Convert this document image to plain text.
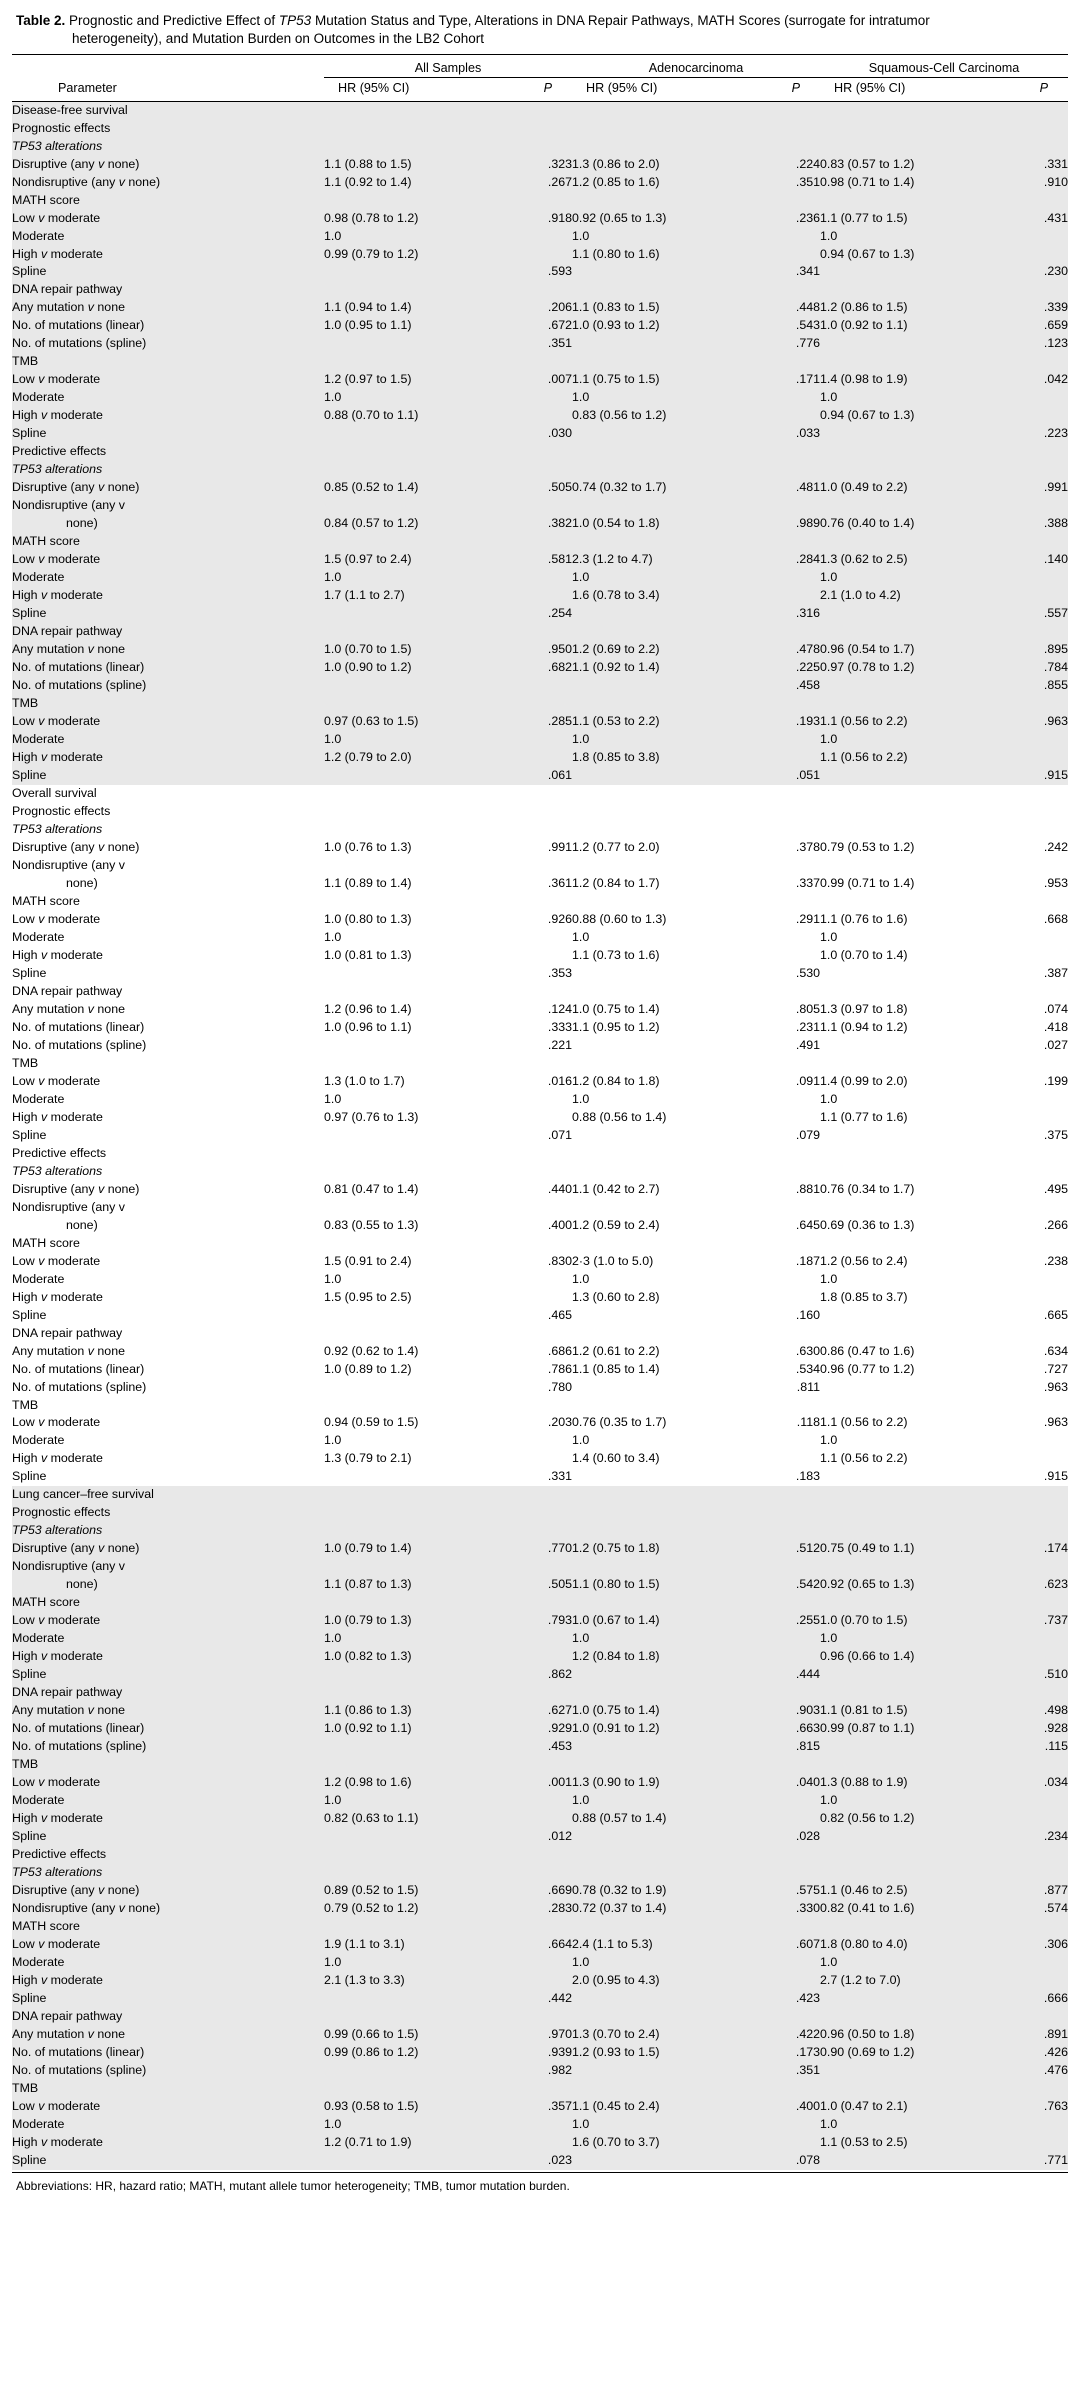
Table 2. Prognostic and Predictive Effect of TP53 Mutation Status and Type, Alterations in DNA Repair Pathways, MATH Scores (surrogate for intratumor
heterogeneity), and Mutation Burden on Outcomes in the LB2 Cohort

	All Samples		Adenocarcinoma		Squamous-Cell Carcinoma	
Parameter	HR (95% CI)	P	HR (95% CI)	P	HR (95% CI)	P

Disease-free survival						
Prognostic effects						
TP53 alterations						
Disruptive (any v none)	1.1 (0.88 to 1.5)	.323	1.3 (0.86 to 2.0)	.224	0.83 (0.57 to 1.2)	.331
Nondisruptive (any v none)	1.1 (0.92 to 1.4)	.267	1.2 (0.85 to 1.6)	.351	0.98 (0.71 to 1.4)	.910
MATH score						
Low v moderate	0.98 (0.78 to 1.2)	.918	0.92 (0.65 to 1.3)	.236	1.1 (0.77 to 1.5)	.431
Moderate	1.0		1.0		1.0	
High v moderate	0.99 (0.79 to 1.2)		1.1 (0.80 to 1.6)		0.94 (0.67 to 1.3)	
Spline		.593		.341		.230
DNA repair pathway						
Any mutation v none	1.1 (0.94 to 1.4)	.206	1.1 (0.83 to 1.5)	.448	1.2 (0.86 to 1.5)	.339
No. of mutations (linear)	1.0 (0.95 to 1.1)	.672	1.0 (0.93 to 1.2)	.543	1.0 (0.92 to 1.1)	.659
No. of mutations (spline)		.351		.776		.123
TMB						
Low v moderate	1.2 (0.97 to 1.5)	.007	1.1 (0.75 to 1.5)	.171	1.4 (0.98 to 1.9)	.042
Moderate	1.0		1.0		1.0	
High v moderate	0.88 (0.70 to 1.1)		0.83 (0.56 to 1.2)		0.94 (0.67 to 1.3)	
Spline		.030		.033		.223
Predictive effects						
TP53 alterations						
Disruptive (any v none)	0.85 (0.52 to 1.4)	.505	0.74 (0.32 to 1.7)	.481	1.0 (0.49 to 2.2)	.991
Nondisruptive (any v
none)	0.84 (0.57 to 1.2)	.382	1.0 (0.54 to 1.8)	.989	0.76 (0.40 to 1.4)	.388
MATH score						
Low v moderate	1.5 (0.97 to 2.4)	.581	2.3 (1.2 to 4.7)	.284	1.3 (0.62 to 2.5)	.140
Moderate	1.0		1.0		1.0	
High v moderate	1.7 (1.1 to 2.7)		1.6 (0.78 to 3.4)		2.1 (1.0 to 4.2)	
Spline		.254		.316		.557
DNA repair pathway						
Any mutation v none	1.0 (0.70 to 1.5)	.950	1.2 (0.69 to 2.2)	.478	0.96 (0.54 to 1.7)	.895
No. of mutations (linear)	1.0 (0.90 to 1.2)	.682	1.1 (0.92 to 1.4)	.225	0.97 (0.78 to 1.2)	.784
No. of mutations (spline)				.458		.855
TMB						
Low v moderate	0.97 (0.63 to 1.5)	.285	1.1 (0.53 to 2.2)	.193	1.1 (0.56 to 2.2)	.963
Moderate	1.0		1.0		1.0	
High v moderate	1.2 (0.79 to 2.0)		1.8 (0.85 to 3.8)		1.1 (0.56 to 2.2)	
Spline		.061		.051		.915
Overall survival						
Prognostic effects						
TP53 alterations						
Disruptive (any v none)	1.0 (0.76 to 1.3)	.991	1.2 (0.77 to 2.0)	.378	0.79 (0.53 to 1.2)	.242
Nondisruptive (any v
none)	1.1 (0.89 to 1.4)	.361	1.2 (0.84 to 1.7)	.337	0.99 (0.71 to 1.4)	.953
MATH score						
Low v moderate	1.0 (0.80 to 1.3)	.926	0.88 (0.60 to 1.3)	.291	1.1 (0.76 to 1.6)	.668
Moderate	1.0		1.0		1.0	
High v moderate	1.0 (0.81 to 1.3)		1.1 (0.73 to 1.6)		1.0 (0.70 to 1.4)	
Spline		.353		.530		.387
DNA repair pathway						
Any mutation v none	1.2 (0.96 to 1.4)	.124	1.0 (0.75 to 1.4)	.805	1.3 (0.97 to 1.8)	.074
No. of mutations (linear)	1.0 (0.96 to 1.1)	.333	1.1 (0.95 to 1.2)	.231	1.1 (0.94 to 1.2)	.418
No. of mutations (spline)		.221		.491		.027
TMB						
Low v moderate	1.3 (1.0 to 1.7)	.016	1.2 (0.84 to 1.8)	.091	1.4 (0.99 to 2.0)	.199
Moderate	1.0		1.0		1.0	
High v moderate	0.97 (0.76 to 1.3)		0.88 (0.56 to 1.4)		1.1 (0.77 to 1.6)	
Spline		.071		.079		.375
Predictive effects						
TP53 alterations						
Disruptive (any v none)	0.81 (0.47 to 1.4)	.440	1.1 (0.42 to 2.7)	.881	0.76 (0.34 to 1.7)	.495
Nondisruptive (any v
none)	0.83 (0.55 to 1.3)	.400	1.2 (0.59 to 2.4)	.645	0.69 (0.36 to 1.3)	.266
MATH score						
Low v moderate	1.5 (0.91 to 2.4)	.830	2·3 (1.0 to 5.0)	.187	1.2 (0.56 to 2.4)	.238
Moderate	1.0		1.0		1.0	
High v moderate	1.5 (0.95 to 2.5)		1.3 (0.60 to 2.8)		1.8 (0.85 to 3.7)	
Spline		.465		.160		.665
DNA repair pathway						
Any mutation v none	0.92 (0.62 to 1.4)	.686	1.2 (0.61 to 2.2)	.630	0.86 (0.47 to 1.6)	.634
No. of mutations (linear)	1.0 (0.89 to 1.2)	.786	1.1 (0.85 to 1.4)	.534	0.96 (0.77 to 1.2)	.727
No. of mutations (spline)		.780		.811		.963
TMB						
Low v moderate	0.94 (0.59 to 1.5)	.203	0.76 (0.35 to 1.7)	.118	1.1 (0.56 to 2.2)	.963
Moderate	1.0		1.0		1.0	
High v moderate	1.3 (0.79 to 2.1)		1.4 (0.60 to 3.4)		1.1 (0.56 to 2.2)	
Spline		.331		.183		.915
Lung cancer–free survival						
Prognostic effects						
TP53 alterations						
Disruptive (any v none)	1.0 (0.79 to 1.4)	.770	1.2 (0.75 to 1.8)	.512	0.75 (0.49 to 1.1)	.174
Nondisruptive (any v
none)	1.1 (0.87 to 1.3)	.505	1.1 (0.80 to 1.5)	.542	0.92 (0.65 to 1.3)	.623
MATH score						
Low v moderate	1.0 (0.79 to 1.3)	.793	1.0 (0.67 to 1.4)	.255	1.0 (0.70 to 1.5)	.737
Moderate	1.0		1.0		1.0	
High v moderate	1.0 (0.82 to 1.3)		1.2 (0.84 to 1.8)		0.96 (0.66 to 1.4)	
Spline		.862		.444		.510
DNA repair pathway						
Any mutation v none	1.1 (0.86 to 1.3)	.627	1.0 (0.75 to 1.4)	.903	1.1 (0.81 to 1.5)	.498
No. of mutations (linear)	1.0 (0.92 to 1.1)	.929	1.0 (0.91 to 1.2)	.663	0.99 (0.87 to 1.1)	.928
No. of mutations (spline)		.453		.815		.115
TMB						
Low v moderate	1.2 (0.98 to 1.6)	.001	1.3 (0.90 to 1.9)	.040	1.3 (0.88 to 1.9)	.034
Moderate	1.0		1.0		1.0	
High v moderate	0.82 (0.63 to 1.1)		0.88 (0.57 to 1.4)		0.82 (0.56 to 1.2)	
Spline		.012		.028		.234
Predictive effects						
TP53 alterations						
Disruptive (any v none)	0.89 (0.52 to 1.5)	.669	0.78 (0.32 to 1.9)	.575	1.1 (0.46 to 2.5)	.877
Nondisruptive (any v none)	0.79 (0.52 to 1.2)	.283	0.72 (0.37 to 1.4)	.330	0.82 (0.41 to 1.6)	.574
MATH score						
Low v moderate	1.9 (1.1 to 3.1)	.664	2.4 (1.1 to 5.3)	.607	1.8 (0.80 to 4.0)	.306
Moderate	1.0		1.0		1.0	
High v moderate	2.1 (1.3 to 3.3)		2.0 (0.95 to 4.3)		2.7 (1.2 to 7.0)	
Spline		.442		.423		.666
DNA repair pathway						
Any mutation v none	0.99 (0.66 to 1.5)	.970	1.3 (0.70 to 2.4)	.422	0.96 (0.50 to 1.8)	.891
No. of mutations (linear)	0.99 (0.86 to 1.2)	.939	1.2 (0.93 to 1.5)	.173	0.90 (0.69 to 1.2)	.426
No. of mutations (spline)		.982		.351		.476
TMB						
Low v moderate	0.93 (0.58 to 1.5)	.357	1.1 (0.45 to 2.4)	.400	1.0 (0.47 to 2.1)	.763
Moderate	1.0		1.0		1.0	
High v moderate	1.2 (0.71 to 1.9)		1.6 (0.70 to 3.7)		1.1 (0.53 to 2.5)	
Spline		.023		.078		.771

Abbreviations: HR, hazard ratio; MATH, mutant allele tumor heterogeneity; TMB, tumor mutation burden.
